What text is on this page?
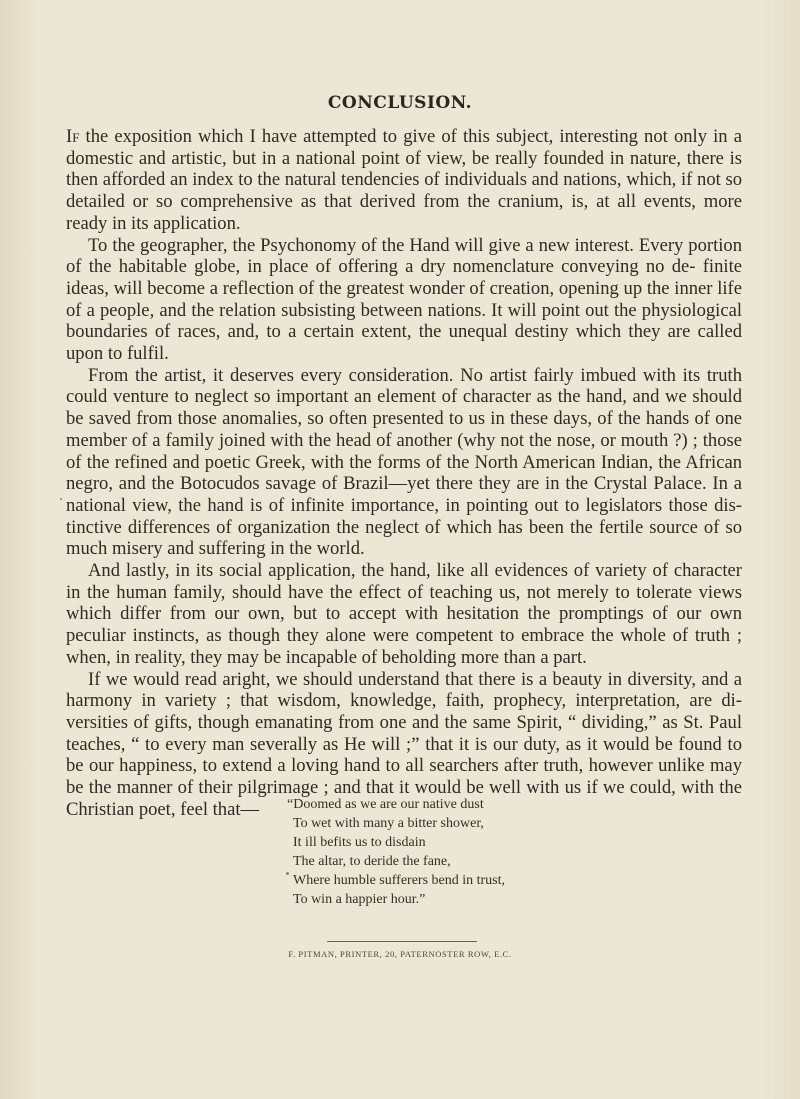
CONCLUSION.

If the exposition which I have attempted to give of this subject, interesting not only in a domestic and artistic, but in a national point of view, be really founded in nature, there is then afforded an index to the natural tendencies of individuals and nations, which, if not so detailed or so comprehensive as that derived from the cranium, is, at all events, more ready in its application.

To the geographer, the Psychonomy of the Hand will give a new interest. Every portion of the habitable globe, in place of offering a dry nomenclature conveying no de- finite ideas, will become a reflection of the greatest wonder of creation, opening up the inner life of a people, and the relation subsisting between nations. It will point out the physiological boundaries of races, and, to a certain extent, the unequal destiny which they are called upon to fulfil.

From the artist, it deserves every consideration. No artist fairly imbued with its truth could venture to neglect so important an element of character as the hand, and we should be saved from those anomalies, so often presented to us in these days, of the hands of one member of a family joined with the head of another (why not the nose, or mouth ?) ; those of the refined and poetic Greek, with the forms of the North American Indian, the African negro, and the Botocudos savage of Brazil—yet there they are in the Crystal Palace. In a national view, the hand is of infinite importance, in pointing out to legislators those dis- tinctive differences of organization the neglect of which has been the fertile source of so much misery and suffering in the world.

And lastly, in its social application, the hand, like all evidences of variety of character in the human family, should have the effect of teaching us, not merely to tolerate views which differ from our own, but to accept with hesitation the promptings of our own peculiar instincts, as though they alone were competent to embrace the whole of truth ; when, in reality, they may be incapable of beholding more than a part.

If we would read aright, we should understand that there is a beauty in diversity, and a harmony in variety ; that wisdom, knowledge, faith, prophecy, interpretation, are di- versities of gifts, though emanating from one and the same Spirit, “ dividing,” as St. Paul teaches, “ to every man severally as He will ;” that it is our duty, as it would be found to be our happiness, to extend a loving hand to all searchers after truth, however unlike may be the manner of their pilgrimage ; and that it would be well with us if we could, with the Christian poet, feel that—	“Doomed as we are our native dust
To wet with many a bitter shower,
It ill befits us to disdain
The altar, to deride the fane,
Where humble sufferers bend in trust,
To win a happier hour.”
F. PITMAN, PRINTER, 20, PATERNOSTER ROW, E.C.
